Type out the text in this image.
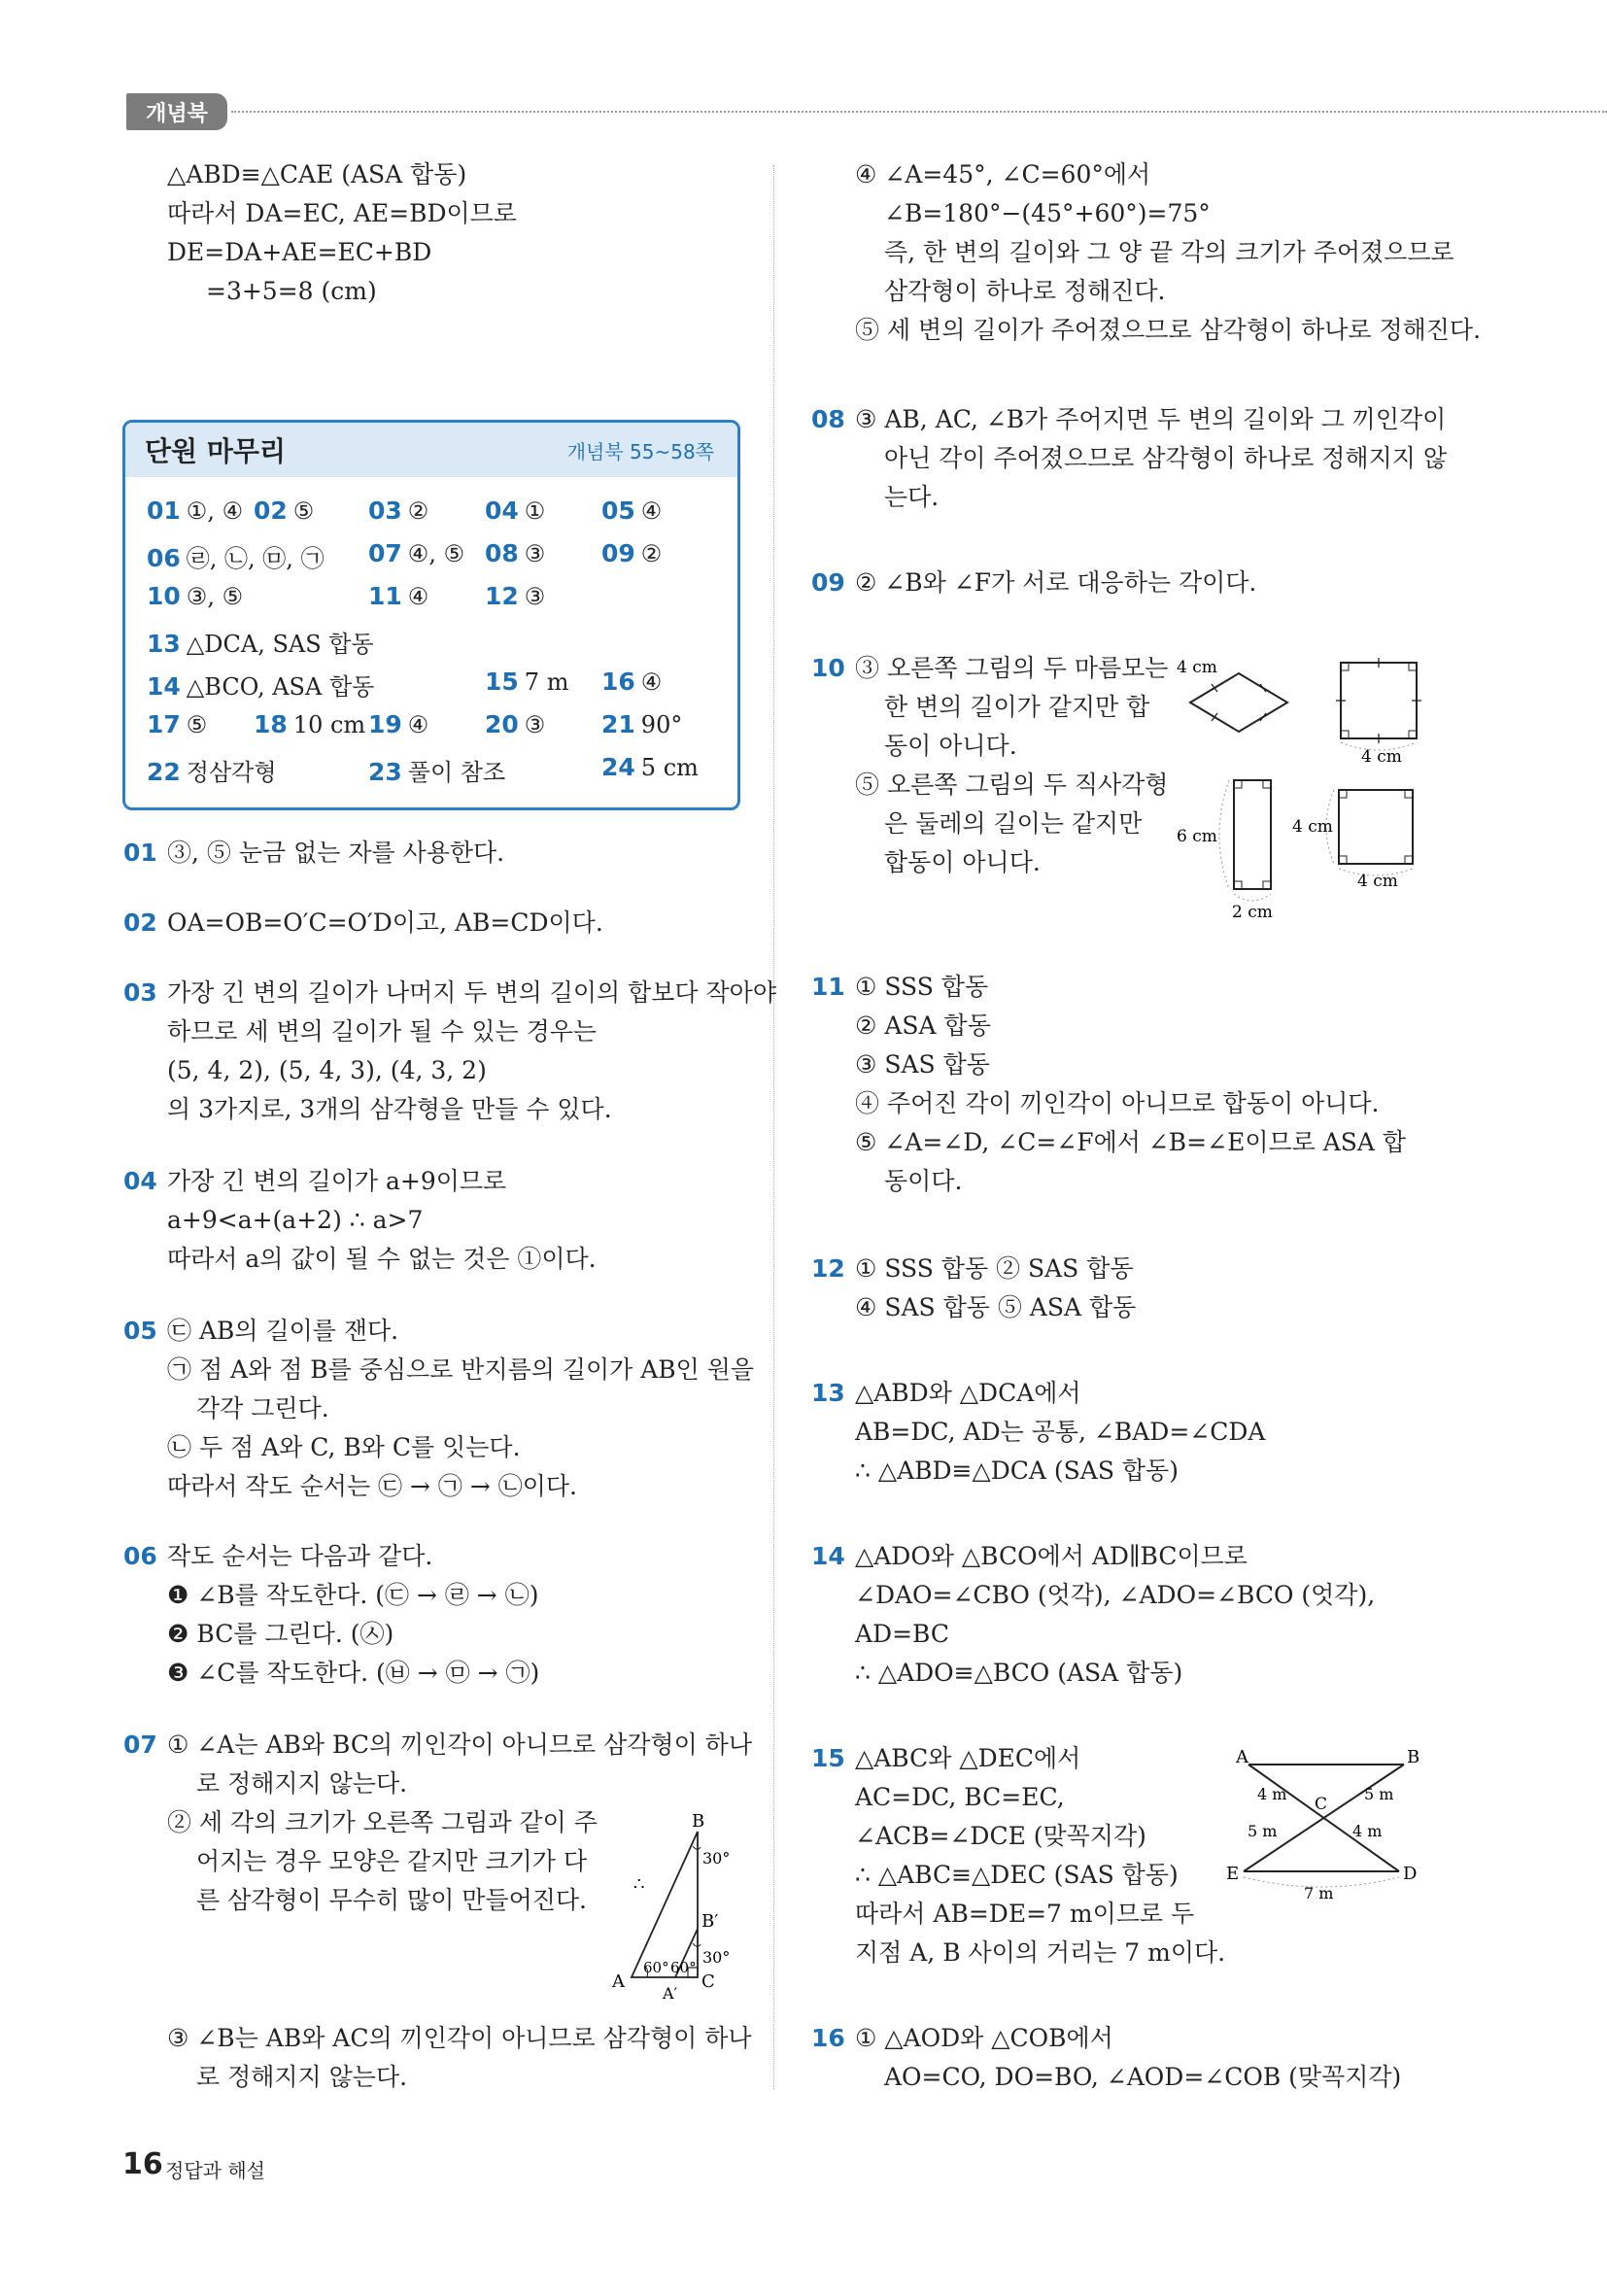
개념북
△ABD≡△CAE (ASA 합동)
따라서 DA=EC, AE=BD이므로
DE=DA+AE=EC+BD
=3+5=8 (cm)
단원 마무리	개념북 55~58쪽
01 ①, ④ 02 ⑤ 03 ② 04 ① 05 ④
06 ㉣, ㉡, ㉤, ㉠ 07 ④, ⑤ 08 ③ 09 ②
10 ③, ⑤	11 ④ 12 ③
13 △DCA, SAS 합동
14 △BCO, ASA 합동	15 7 m 16 ④
17 ⑤ 18 10 cm 19 ④ 20 ③ 21 90°
22 정삼각형	23 풀이 참조	24 5 cm
01 ③, ⑤ 눈금 없는 자를 사용한다.
02 OA=OB=O′C=O′D이고, AB=CD이다.
03 가장 긴 변의 길이가 나머지 두 변의 길이의 합보다 작아야
하므로 세 변의 길이가 될 수 있는 경우는
(5, 4, 2), (5, 4, 3), (4, 3, 2)
의 3가지로, 3개의 삼각형을 만들 수 있다.
04 가장 긴 변의 길이가 a+9이므로
a+9<a+(a+2) ∴ a>7
따라서 a의 값이 될 수 없는 것은 ①이다.
05 ㉢ AB의 길이를 잰다.
㉠ 점 A와 점 B를 중심으로 반지름의 길이가 AB인 원을
각각 그린다.
㉡ 두 점 A와 C, B와 C를 잇는다.
따라서 작도 순서는 ㉢ → ㉠ → ㉡이다.
06 작도 순서는 다음과 같다.
❶ ∠B를 작도한다. (㉢ → ㉣ → ㉡)
❷ BC를 그린다. (㉦)
❸ ∠C를 작도한다. (㉥ → ㉤ → ㉠)
07 ① ∠A는 AB와 BC의 끼인각이 아니므로 삼각형이 하나
로 정해지지 않는다.
② 세 각의 크기가 오른쪽 그림과 같이 주
어지는 경우 모양은 같지만 크기가 다
른 삼각형이 무수히 많이 만들어진다.
③ ∠B는 AB와 AC의 끼인각이 아니므로 삼각형이 하나
로 정해지지 않는다.
B
B′
A
A′
C
30°
30°
60° 60°
∴
④ ∠A=45°, ∠C=60°에서
∠B=180°−(45°+60°)=75°
즉, 한 변의 길이와 그 양 끝 각의 크기가 주어졌으므로
삼각형이 하나로 정해진다.
⑤ 세 변의 길이가 주어졌으므로 삼각형이 하나로 정해진다.
08 ③ AB, AC, ∠B가 주어지면 두 변의 길이와 그 끼인각이
아닌 각이 주어졌으므로 삼각형이 하나로 정해지지 않
는다.
09 ② ∠B와 ∠F가 서로 대응하는 각이다.
10 ③ 오른쪽 그림의 두 마름모는
한 변의 길이가 같지만 합
동이 아니다.
⑤ 오른쪽 그림의 두 직사각형
은 둘레의 길이는 같지만
합동이 아니다.
4 cm
4 cm
6 cm
2 cm
4 cm
4 cm
11 ① SSS 합동
② ASA 합동
③ SAS 합동
④ 주어진 각이 끼인각이 아니므로 합동이 아니다.
⑤ ∠A=∠D, ∠C=∠F에서 ∠B=∠E이므로 ASA 합
동이다.
12 ① SSS 합동 ② SAS 합동
④ SAS 합동 ⑤ ASA 합동
13 △ABD와 △DCA에서
AB=DC, AD는 공통, ∠BAD=∠CDA
∴ △ABD≡△DCA (SAS 합동)
14 △ADO와 △BCO에서 AD∥BC이므로
∠DAO=∠CBO (엇각), ∠ADO=∠BCO (엇각),
AD=BC
∴ △ADO≡△BCO (ASA 합동)
15 △ABC와 △DEC에서
AC=DC, BC=EC,
∠ACB=∠DCE (맞꼭지각)
∴ △ABC≡△DEC (SAS 합동)
따라서 AB=DE=7 m이므로 두
지점 A, B 사이의 거리는 7 m이다.
A	B
C
D
E
4 m	5 m
5 m	4 m
7 m
16 ① △AOD와 △COB에서
AO=CO, DO=BO, ∠AOD=∠COB (맞꼭지각)
16 정답과 해설
